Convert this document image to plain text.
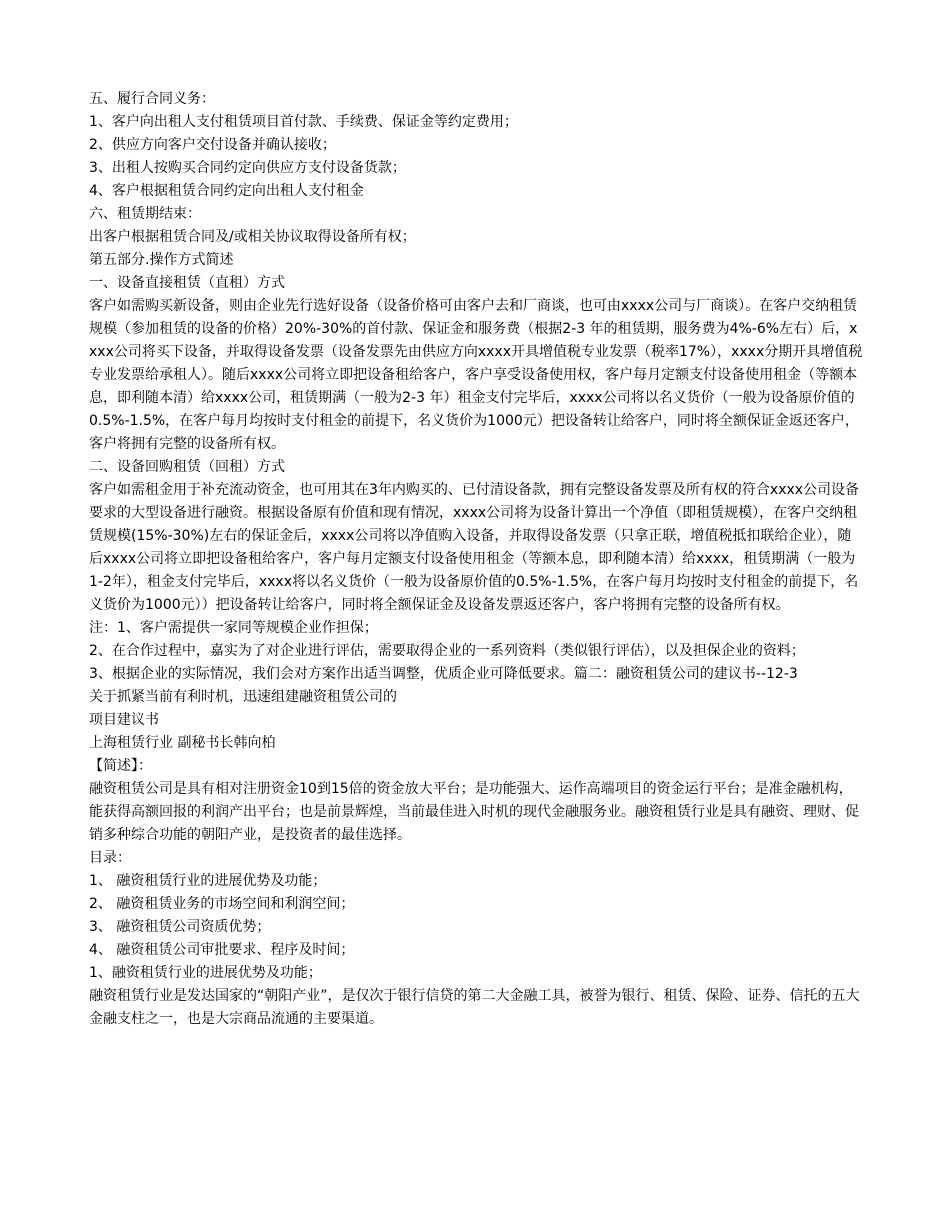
五、履行合同义务：

1、客户向出租人支付租赁项目首付款、手续费、保证金等约定费用；

2、供应方向客户交付设备并确认接收；

3、出租人按购买合同约定向供应方支付设备货款；

4、客户根据租赁合同约定向出租人支付租金

六、租赁期结束：

出客户根据租赁合同及/或相关协议取得设备所有权；

第五部分.操作方式简述

一、设备直接租赁（直租）方式

客户如需购买新设备，则由企业先行选好设备（设备价格可由客户去和厂商谈，也可由xxxx公司与厂商谈）。在客户交纳租赁规模（参加租赁的设备的价格）20%-30%的首付款、保证金和服务费（根据2-3 年的租赁期，服务费为4%-6%左右）后，xxxx公司将买下设备，并取得设备发票（设备发票先由供应方向xxxx开具增值税专业发票（税率17%），xxxx分期开具增值税专业发票给承租人）。随后xxxx公司将立即把设备租给客户，客户享受设备使用权，客户每月定额支付设备使用租金（等额本息，即利随本清）给xxxx公司，租赁期满（一般为2-3 年）租金支付完毕后，xxxx公司将以名义货价（一般为设备原价值的0.5%-1.5%，在客户每月均按时支付租金的前提下，名义货价为1000元）把设备转让给客户，同时将全额保证金返还客户，客户将拥有完整的设备所有权。

二、设备回购租赁（回租）方式

客户如需租金用于补充流动资金，也可用其在3年内购买的、已付清设备款，拥有完整设备发票及所有权的符合xxxx公司设备要求的大型设备进行融资。根据设备原有价值和现有情况，xxxx公司将为设备计算出一个净值（即租赁规模），在客户交纳租赁规模(15%-30%)左右的保证金后，xxxx公司将以净值购入设备，并取得设备发票（只拿正联，增值税抵扣联给企业），随后xxxx公司将立即把设备租给客户，客户每月定额支付设备使用租金（等额本息，即利随本清）给xxxx，租赁期满（一般为1-2年），租金支付完毕后，xxxx将以名义货价（一般为设备原价值的0.5%-1.5%，在客户每月均按时支付租金的前提下，名义货价为1000元））把设备转让给客户，同时将全额保证金及设备发票返还客户，客户将拥有完整的设备所有权。

注：1、客户需提供一家同等规模企业作担保；

2、在合作过程中，嘉实为了对企业进行评估，需要取得企业的一系列资料（类似银行评估），以及担保企业的资料；

3、根据企业的实际情况，我们会对方案作出适当调整，优质企业可降低要求。篇二：融资租赁公司的建议书--12-3

关于抓紧当前有利时机，迅速组建融资租赁公司的

项目建议书

上海租赁行业 副秘书长韩向柏

【简述】：

融资租赁公司是具有相对注册资金10到15倍的资金放大平台；是功能强大、运作高端项目的资金运行平台；是准金融机构，能获得高额回报的利润产出平台；也是前景辉煌，当前最佳进入时机的现代金融服务业。融资租赁行业是具有融资、理财、促销多种综合功能的朝阳产业，是投资者的最佳选择。

目录：

1、 融资租赁行业的进展优势及功能；

2、 融资租赁业务的市场空间和利润空间；

3、 融资租赁公司资质优势；

4、 融资租赁公司审批要求、程序及时间；

1、融资租赁行业的进展优势及功能；

融资租赁行业是发达国家的“朝阳产业”，是仅次于银行信贷的第二大金融工具，被誉为银行、租赁、保险、证券、信托的五大金融支柱之一，也是大宗商品流通的主要渠道。
